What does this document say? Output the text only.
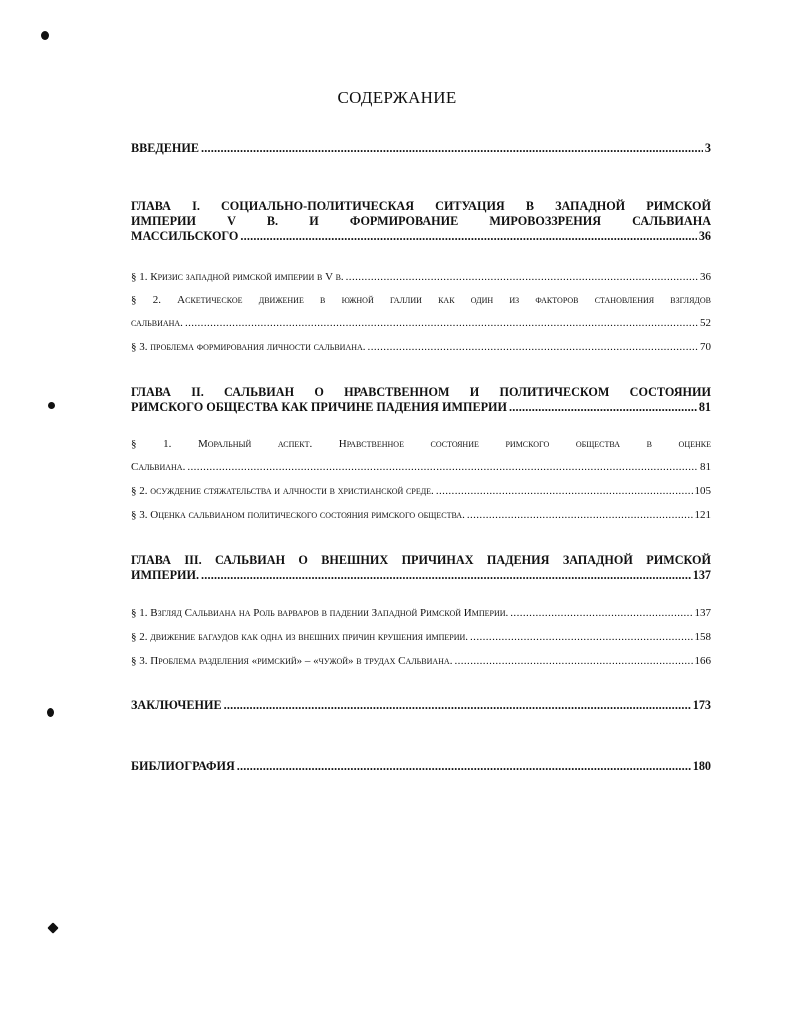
СОДЕРЖАНИЕ
ВВЕДЕНИЕ .....	3
ГЛАВА I. СОЦИАЛЬНО-ПОЛИТИЧЕСКАЯ СИТУАЦИЯ В ЗАПАДНОЙ РИМСКОЙ
ИМПЕРИИ V В. И ФОРМИРОВАНИЕ МИРОВОЗЗРЕНИЯ САЛЬВИАНА
МАССИЛЬСКОГО .....	36
§ 1. Кризис западной римской империи в V в. .....	36
§ 2. Аскетическое движение в южной галлии как один из факторов становления взглядов
сальвиана. .....	52
§ 3. проблема формирования личности сальвиана. .....	70
ГЛАВА II. САЛЬВИАН О НРАВСТВЕННОМ И ПОЛИТИЧЕСКОМ СОСТОЯНИИ
РИМСКОГО ОБЩЕСТВА КАК ПРИЧИНЕ ПАДЕНИЯ ИМПЕРИИ .....	81
§ 1. Моральный аспект. Нравственное состояние римского общества в оценке
Сальвиана. .....	81
§ 2. осуждение стяжательства и алчности в христианской среде. .....	105
§ 3. Оценка сальвианом политического состояния римского общества. .....	121
ГЛАВА III. САЛЬВИАН О ВНЕШНИХ ПРИЧИНАХ ПАДЕНИЯ ЗАПАДНОЙ РИМСКОЙ
ИМПЕРИИ. .....	137
§ 1. Взгляд Сальвиана на Роль варваров в падении Западной Римской Империи. .....	137
§ 2. движение багаудов как одна из внешних причин крушения империи. .....	158
§ 3. Проблема разделения «римский» – «чужой» в трудах Сальвиана. .....	166
ЗАКЛЮЧЕНИЕ .....	173
БИБЛИОГРАФИЯ .....	180
